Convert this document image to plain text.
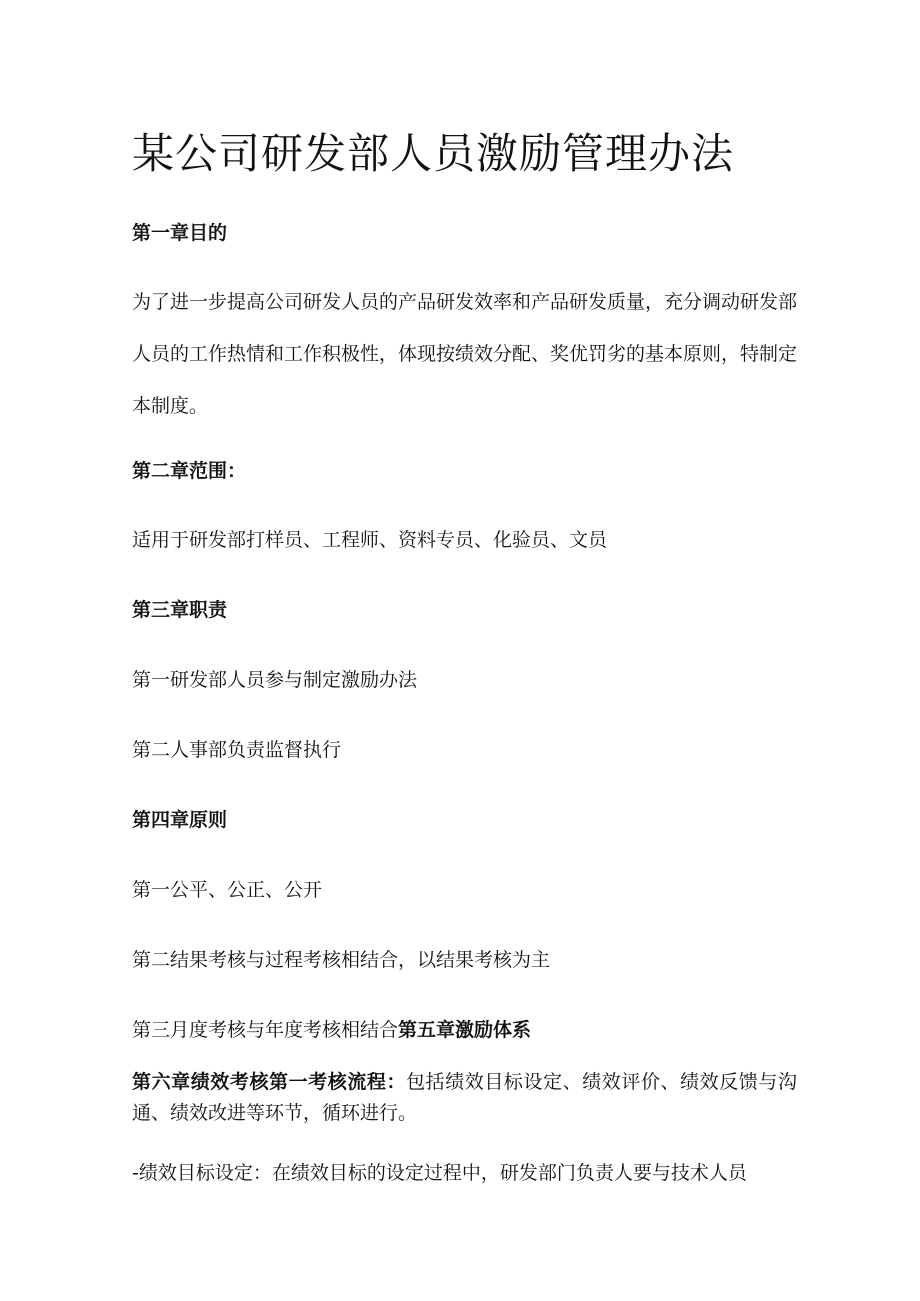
某公司研发部人员激励管理办法
第一章目的

为了进一步提高公司研发人员的产品研发效率和产品研发质量，充分调动研发部人员的工作热情和工作积极性，体现按绩效分配、奖优罚劣的基本原则，特制定本制度。

第二章范围：
适用于研发部打样员、工程师、资料专员、化验员、文员
第三章职责
第一研发部人员参与制定激励办法
第二人事部负责监督执行
第四章原则
第一公平、公正、公开
第二结果考核与过程考核相结合，以结果考核为主
第三月度考核与年度考核相结合第五章激励体系

第六章绩效考核第一考核流程：包括绩效目标设定、绩效评价、绩效反馈与沟通、绩效改进等环节，循环进行。

-绩效目标设定：在绩效目标的设定过程中，研发部门负责人要与技术人员
